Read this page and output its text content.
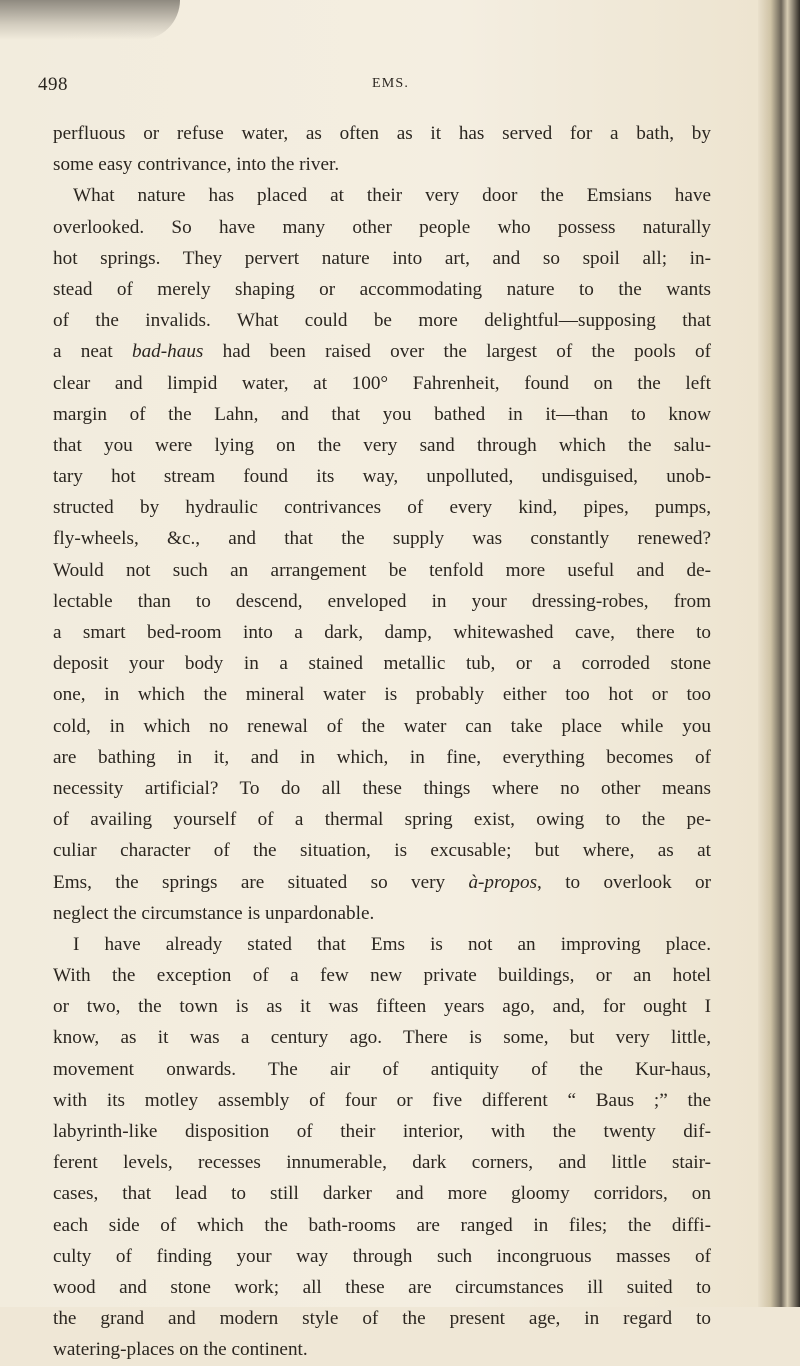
498	EMS.
perfluous or refuse water, as often as it has served for a bath, by
some easy contrivance, into the river.
What nature has placed at their very door the Emsians have
overlooked. So have many other people who possess naturally
hot springs. They pervert nature into art, and so spoil all; in-
stead of merely shaping or accommodating nature to the wants
of the invalids. What could be more delightful—supposing that
a neat bad-haus had been raised over the largest of the pools of
clear and limpid water, at 100° Fahrenheit, found on the left
margin of the Lahn, and that you bathed in it—than to know
that you were lying on the very sand through which the salu-
tary hot stream found its way, unpolluted, undisguised, unob-
structed by hydraulic contrivances of every kind, pipes, pumps,
fly-wheels, &c., and that the supply was constantly renewed?
Would not such an arrangement be tenfold more useful and de-
lectable than to descend, enveloped in your dressing-robes, from
a smart bed-room into a dark, damp, whitewashed cave, there to
deposit your body in a stained metallic tub, or a corroded stone
one, in which the mineral water is probably either too hot or too
cold, in which no renewal of the water can take place while you
are bathing in it, and in which, in fine, everything becomes of
necessity artificial? To do all these things where no other means
of availing yourself of a thermal spring exist, owing to the pe-
culiar character of the situation, is excusable; but where, as at
Ems, the springs are situated so very à-propos, to overlook or
neglect the circumstance is unpardonable.
I have already stated that Ems is not an improving place.
With the exception of a few new private buildings, or an hotel
or two, the town is as it was fifteen years ago, and, for ought I
know, as it was a century ago. There is some, but very little,
movement onwards. The air of antiquity of the Kur-haus,
with its motley assembly of four or five different “ Baus ;” the
labyrinth-like disposition of their interior, with the twenty dif-
ferent levels, recesses innumerable, dark corners, and little stair-
cases, that lead to still darker and more gloomy corridors, on
each side of which the bath-rooms are ranged in files; the diffi-
culty of finding your way through such incongruous masses of
wood and stone work; all these are circumstances ill suited to
the grand and modern style of the present age, in regard to
watering-places on the continent.
